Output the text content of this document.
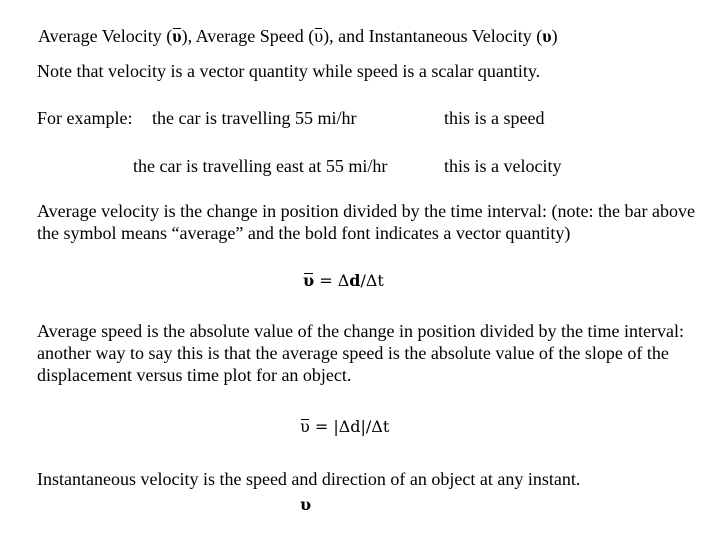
Average Velocity (υ), Average Speed (υ), and Instantaneous Velocity (υ)
Note that velocity is a vector quantity while speed is a scalar quantity.
For example: the car is travelling 55 mi/hr	this is a speed
the car is travelling east at 55 mi/hr	this is a velocity
Average velocity is the change in position divided by the time interval: (note: the bar above the symbol means “average” and the bold font indicates a vector quantity)
υ = Δd/Δt
Average speed is the absolute value of the change in position divided by the time interval: another way to say this is that the average speed is the absolute value of the slope of the displacement versus time plot for an object.
υ = |Δd|/Δt
Instantaneous velocity is the speed and direction of an object at any instant.
υ
